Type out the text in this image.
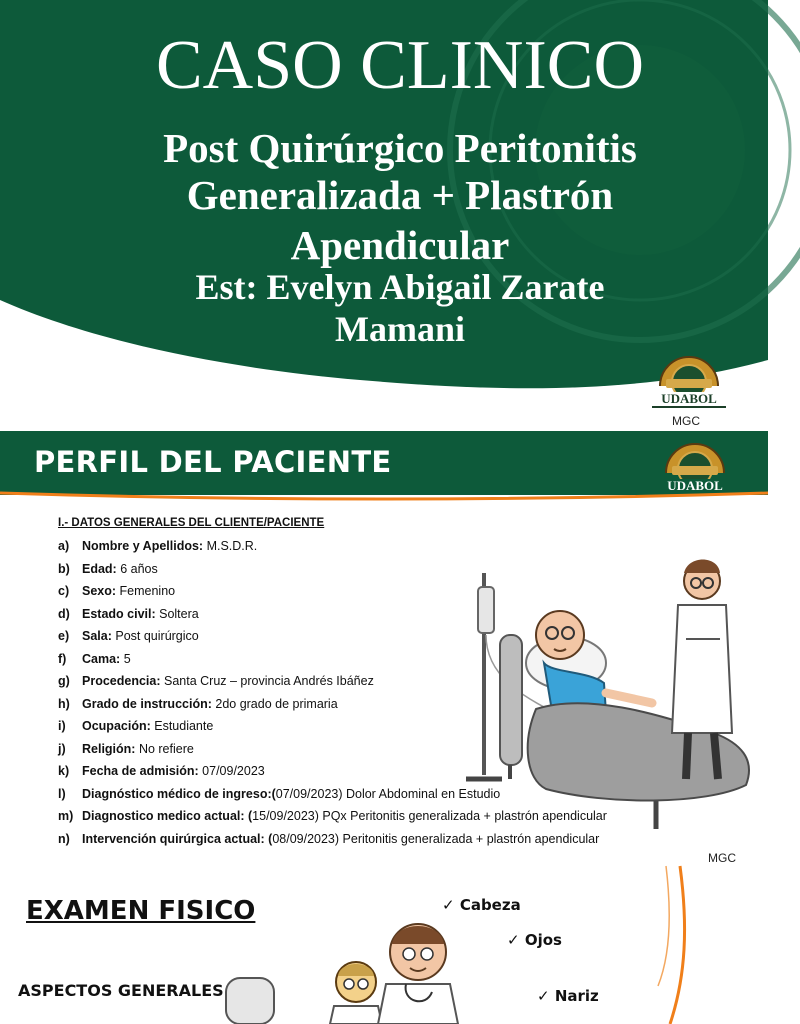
CASO CLINICO
Post Quirúrgico Peritonitis
Generalizada + Plastrón
Apendicular
Est: Evelyn Abigail Zarate
Mamani
UDABOL
MGC
PERFIL DEL PACIENTE
UDABOL
I.- DATOS GENERALES DEL CLIENTE/PACIENTE
a) Nombre y Apellidos: M.S.D.R.
b) Edad: 6 años
c) Sexo: Femenino
d) Estado civil: Soltera
e) Sala: Post quirúrgico
f) Cama: 5
g) Procedencia: Santa Cruz – provincia Andrés Ibáñez
h) Grado de instrucción: 2do grado de primaria
i) Ocupación: Estudiante
j) Religión: No refiere
k) Fecha de admisión: 07/09/2023
l) Diagnóstico médico de ingreso:(07/09/2023) Dolor Abdominal en Estudio
m) Diagnostico medico actual: (15/09/2023) PQx Peritonitis generalizada + plastrón apendicular
n) Intervención quirúrgica actual: (08/09/2023) Peritonitis generalizada + plastrón apendicular
MGC
EXAMEN FISICO
ASPECTOS GENERALES
✓ Cabeza
✓ Ojos
✓ Nariz
